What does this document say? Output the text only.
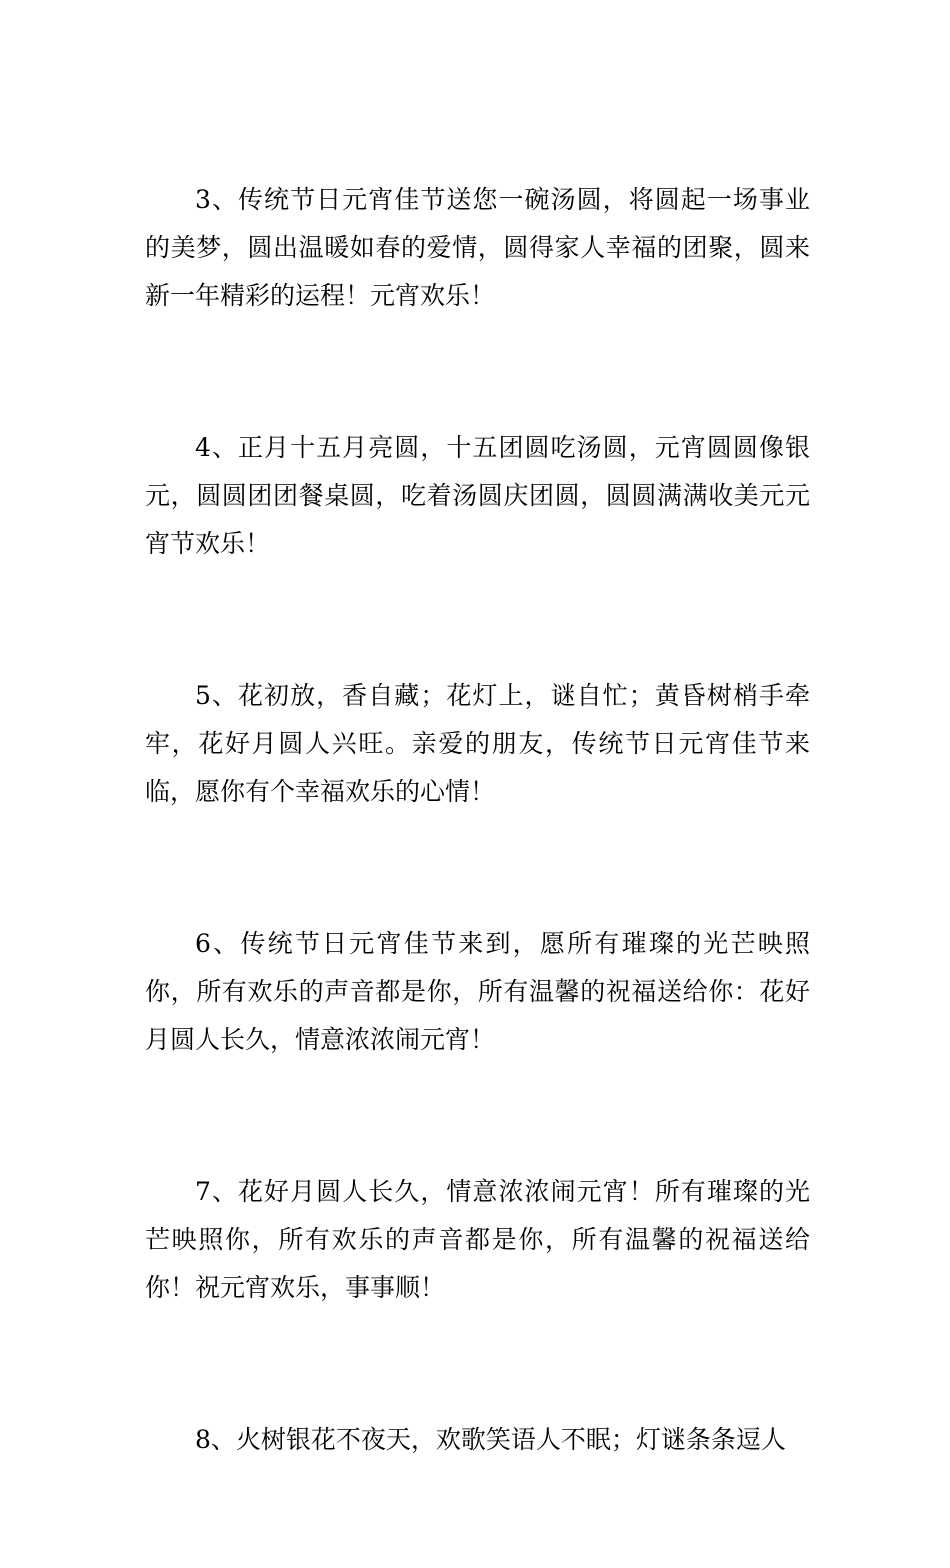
3、传统节日元宵佳节送您一碗汤圆，将圆起一场事业的美梦，圆出温暖如春的爱情，圆得家人幸福的团聚，圆来新一年精彩的运程！元宵欢乐！

4、正月十五月亮圆，十五团圆吃汤圆，元宵圆圆像银元，圆圆团团餐桌圆，吃着汤圆庆团圆，圆圆满满收美元元宵节欢乐！

5、花初放，香自藏；花灯上，谜自忙；黄昏树梢手牵牢，花好月圆人兴旺。亲爱的朋友，传统节日元宵佳节来临，愿你有个幸福欢乐的心情！

6、传统节日元宵佳节来到，愿所有璀璨的光芒映照你，所有欢乐的声音都是你，所有温馨的祝福送给你：花好月圆人长久，情意浓浓闹元宵！

7、花好月圆人长久，情意浓浓闹元宵！所有璀璨的光芒映照你，所有欢乐的声音都是你，所有温馨的祝福送给你！祝元宵欢乐，事事顺！

8、火树银花不夜天，欢歌笑语人不眠；灯谜条条逗人
